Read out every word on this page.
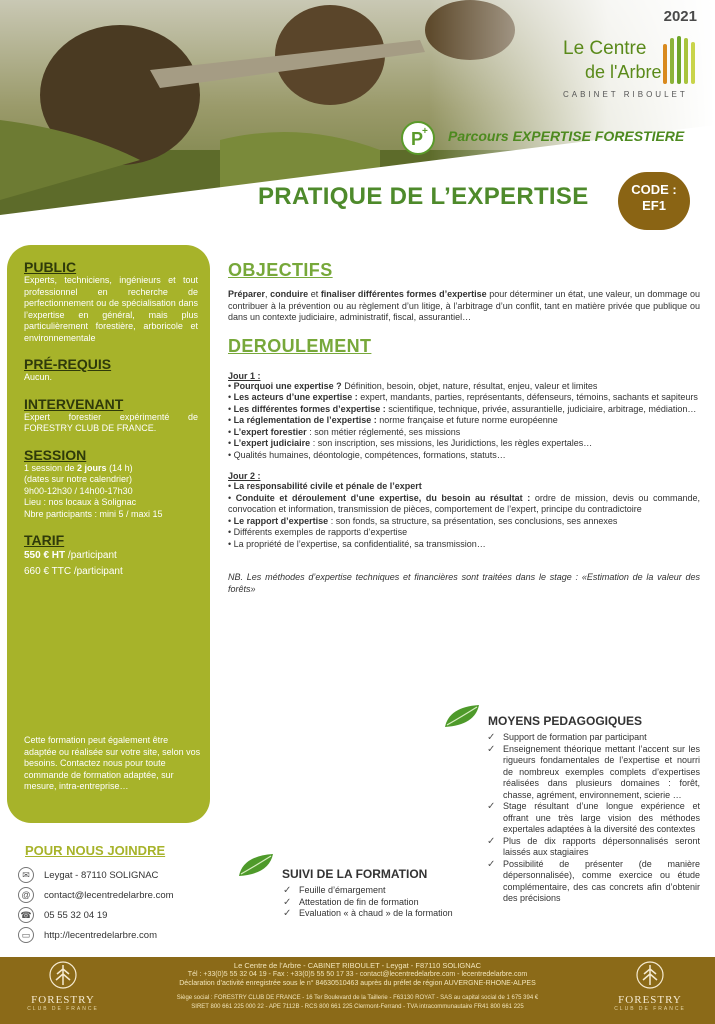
2021
Le Centre
de l'Arbre
CABINET RIBOULET
P
+ Parcours EXPERTISE FORESTIERE
PRATIQUE DE L’EXPERTISE	CODE :
EF1
PUBLIC
Experts, techniciens, ingénieurs et tout professionnel en recherche de perfectionnement ou de spécialisation dans l’expertise en général, mais plus particulièrement forestière, arboricole et environnementale
PRÉ-REQUIS
Aucun.
INTERVENANT
Expert forestier expérimenté de FORESTRY CLUB DE FRANCE.
SESSION
1 session de 2 jours (14 h)
(dates sur notre calendrier)
9h00-12h30 / 14h00-17h30
Lieu : nos locaux à Solignac
Nbre participants : mini 5 / maxi 15
TARIF
550 € HT /participant
660 € TTC /participant
Cette formation peut également être adaptée ou réalisée sur votre site, selon vos besoins. Contactez nous pour toute commande de formation adaptée, sur mesure, intra-entreprise…
OBJECTIFS
Préparer, conduire et finaliser différentes formes d’expertise pour déterminer un état, une valeur, un dommage ou contribuer à la prévention ou au règlement d’un litige, à l’arbitrage d’un conflit, tant en matière privée que publique ou dans un contexte judiciaire, administratif, fiscal, assurantiel…
DEROULEMENT
Jour 1 :
• Pourquoi une expertise ? Définition, besoin, objet, nature, résultat, enjeu, valeur et limites
• Les acteurs d’une expertise : expert, mandants, parties, représentants, défenseurs, témoins, sachants et sapiteurs
• Les différentes formes d’expertise : scientifique, technique, privée, assurantielle, judiciaire, arbitrage, médiation…
• La réglementation de l’expertise : norme française et future norme européenne
• L’expert forestier : son métier réglementé, ses missions
• L’expert judiciaire : son inscription, ses missions, les Juridictions, les règles expertales…
• Qualités humaines, déontologie, compétences, formations, statuts…
Jour 2 :
• La responsabilité civile et pénale de l’expert
• Conduite et déroulement d’une expertise, du besoin au résultat : ordre de mission, devis ou commande, convocation et information, transmission de pièces, comportement de l’expert, principe du contradictoire
• Le rapport d’expertise : son fonds, sa structure, sa présentation, ses conclusions, ses annexes
• Différents exemples de rapports d’expertise
• La propriété de l’expertise, sa confidentialité, sa transmission…
NB. Les méthodes d’expertise techniques et financières sont traitées dans le stage : «Estimation de la valeur des forêts»
MOYENS PEDAGOGIQUES
✓ Support de formation par participant
✓ Enseignement théorique mettant l’accent sur les rigueurs fondamentales de l’expertise et nourri de nombreux exemples complets d’expertises réalisées dans plusieurs domaines : forêt, chasse, agrément, environnement, scierie …
✓ Stage résultant d’une longue expérience et offrant une très large vision des méthodes expertales adaptées à la diversité des contextes
✓ Plus de dix rapports dépersonnalisés seront laissés aux stagiaires
✓ Possibilité de présenter (de manière dépersonnalisée), comme exercice ou étude complémentaire, des cas concrets afin d’obtenir des précisions
SUIVI DE LA FORMATION
✓ Feuille d’émargement
✓ Attestation de fin de formation
✓ Evaluation « à chaud » de la formation
POUR NOUS JOINDRE
✉	Leygat - 87110 SOLIGNAC
@	contact@lecentredelarbre.com
☎ 05 55 32 04 19
▭	http://lecentredelarbre.com
FORESTRY
CLUB DE FRANCE
FORESTRY
CLUB DE FRANCE
Le Centre de l’Arbre - CABINET RIBOULET - Leygat - F87110 SOLIGNAC
Tél : +33(0)5 55 32 04 19 - Fax : +33(0)5 55 50 17 33 - contact@lecentredelarbre.com - lecentredelarbre.com
Déclaration d’activité enregistrée sous le n° 84630510463 auprès du préfet de région AUVERGNE-RHONE-ALPES
Siège social : FORESTRY CLUB DE FRANCE - 16 Ter Boulevard de la Taillerie - F63130 ROYAT - SAS au capital social de 1 675 394 €
SIRET 800 661 225 000 22 - APE 7112B - RCS 800 661 225 Clermont-Ferrand - TVA intracommunautaire FR41 800 661 225
